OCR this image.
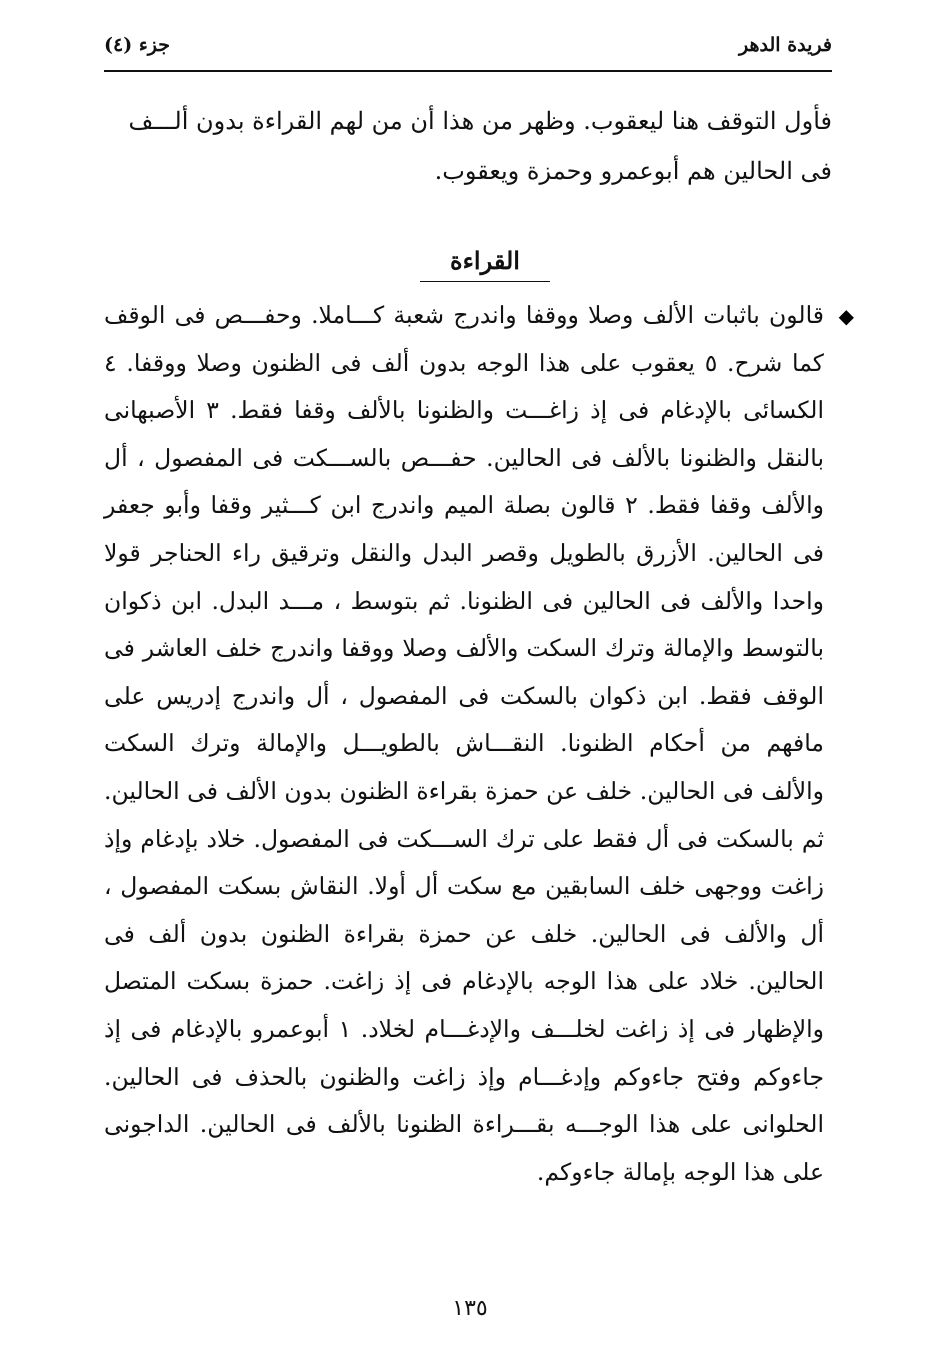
فريدة الدهر
جزء (٤)

فأول التوقف هنا ليعقوب. وظهر من هذا أن من لهم القراءة بدون ألـــف فى الحالين هم أبوعمرو وحمزة ويعقوب.

القراءة

◆
قالون باثبات الألف وصلا ووقفا واندرج شعبة كـــاملا. وحفـــص فى الوقف كما شرح. ٥ يعقوب على هذا الوجه بدون ألف فى الظنون وصلا ووقفا. ٤ الكسائى بالإدغام فى إذ زاغـــت والظنونا بالألف وقفا فقط. ٣ الأصبهانى بالنقل والظنونا بالألف فى الحالين. حفـــص بالســـكت فى المفصول ، أل والألف وقفا فقط. ٢ قالون بصلة الميم واندرج ابن كـــثير وقفا وأبو جعفر فى الحالين. الأزرق بالطويل وقصر البدل والنقل وترقيق راء الحناجر قولا واحدا والألف فى الحالين فى الظنونا. ثم بتوسط ، مـــد البدل. ابن ذكوان بالتوسط والإمالة وترك السكت والألف وصلا ووقفا واندرج خلف العاشر فى الوقف فقط. ابن ذكوان بالسكت فى المفصول ، أل واندرج إدريس على مافهم من أحكام الظنونا. النقـــاش بالطويـــل والإمالة وترك السكت والألف فى الحالين. خلف عن حمزة بقراءة الظنون بدون الألف فى الحالين. ثم بالسكت فى أل فقط على ترك الســـكت فى المفصول. خلاد بإدغام وإذ زاغت ووجهى خلف السابقين مع سكت أل أولا. النقاش بسكت المفصول ، أل والألف فى الحالين. خلف عن حمزة بقراءة الظنون بدون ألف فى الحالين. خلاد على هذا الوجه بالإدغام فى إذ زاغت. حمزة بسكت المتصل والإظهار فى إذ زاغت لخلـــف والإدغـــام لخلاد. ١ أبوعمرو بالإدغام فى إذ جاءوكم وفتح جاءوكم وإدغـــام وإذ زاغت والظنون بالحذف فى الحالين. الحلوانى على هذا الوجـــه بقـــراءة الظنونا بالألف فى الحالين. الداجونى على هذا الوجه بإمالة جاءوكم.

١٣٥
